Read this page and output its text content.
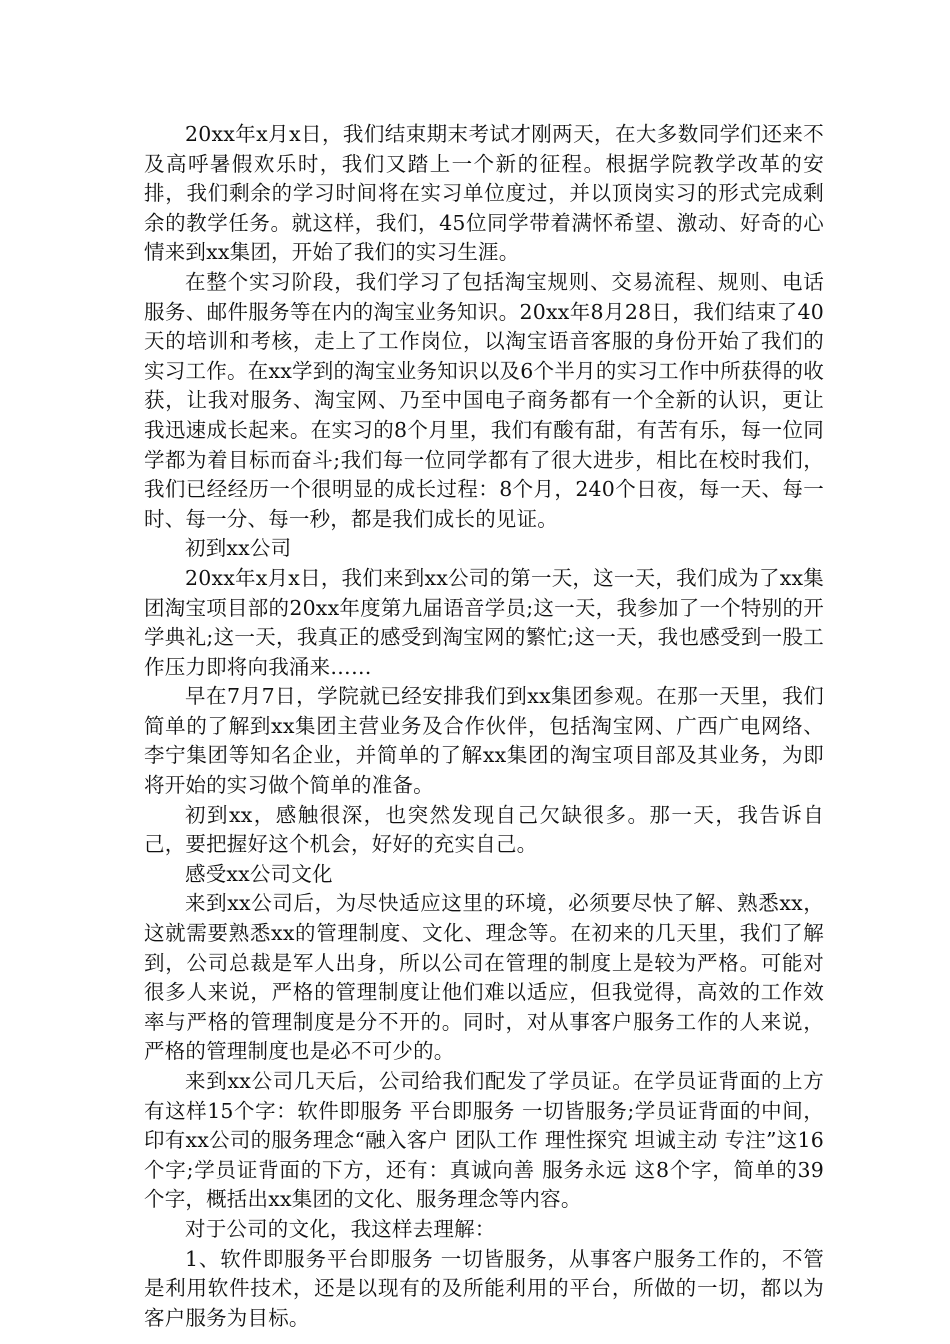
20xx年x月x日，我们结束期末考试才刚两天，在大多数同学们还来不及高呼暑假欢乐时，我们又踏上一个新的征程。根据学院教学改革的安排，我们剩余的学习时间将在实习单位度过，并以顶岗实习的形式完成剩余的教学任务。就这样，我们，45位同学带着满怀希望、激动、好奇的心情来到xx集团，开始了我们的实习生涯。

在整个实习阶段，我们学习了包括淘宝规则、交易流程、规则、电话服务、邮件服务等在内的淘宝业务知识。20xx年8月28日，我们结束了40天的培训和考核，走上了工作岗位，以淘宝语音客服的身份开始了我们的实习工作。在xx学到的淘宝业务知识以及6个半月的实习工作中所获得的收获，让我对服务、淘宝网、乃至中国电子商务都有一个全新的认识，更让我迅速成长起来。在实习的8个月里，我们有酸有甜，有苦有乐，每一位同学都为着目标而奋斗;我们每一位同学都有了很大进步，相比在校时我们，我们已经经历一个很明显的成长过程：8个月，240个日夜，每一天、每一时、每一分、每一秒，都是我们成长的见证。

初到xx公司

20xx年x月x日，我们来到xx公司的第一天，这一天，我们成为了xx集团淘宝项目部的20xx年度第九届语音学员;这一天，我参加了一个特别的开学典礼;这一天，我真正的感受到淘宝网的繁忙;这一天，我也感受到一股工作压力即将向我涌来……

早在7月7日，学院就已经安排我们到xx集团参观。在那一天里，我们简单的了解到xx集团主营业务及合作伙伴，包括淘宝网、广西广电网络、李宁集团等知名企业，并简单的了解xx集团的淘宝项目部及其业务，为即将开始的实习做个简单的准备。

初到xx，感触很深，也突然发现自己欠缺很多。那一天，我告诉自己，要把握好这个机会，好好的充实自己。

感受xx公司文化

来到xx公司后，为尽快适应这里的环境，必须要尽快了解、熟悉xx，这就需要熟悉xx的管理制度、文化、理念等。在初来的几天里，我们了解到，公司总裁是军人出身，所以公司在管理的制度上是较为严格。可能对很多人来说，严格的管理制度让他们难以适应，但我觉得，高效的工作效率与严格的管理制度是分不开的。同时，对从事客户服务工作的人来说，严格的管理制度也是必不可少的。

来到xx公司几天后，公司给我们配发了学员证。在学员证背面的上方有这样15个字：软件即服务 平台即服务 一切皆服务;学员证背面的中间，印有xx公司的服务理念“融入客户 团队工作 理性探究 坦诚主动 专注”这16个字;学员证背面的下方，还有：真诚向善 服务永远 这8个字，简单的39个字，概括出xx集团的文化、服务理念等内容。

对于公司的文化，我这样去理解：

1、软件即服务平台即服务 一切皆服务，从事客户服务工作的，不管是利用软件技术，还是以现有的及所能利用的平台，所做的一切，都以为客户服务为目标。
